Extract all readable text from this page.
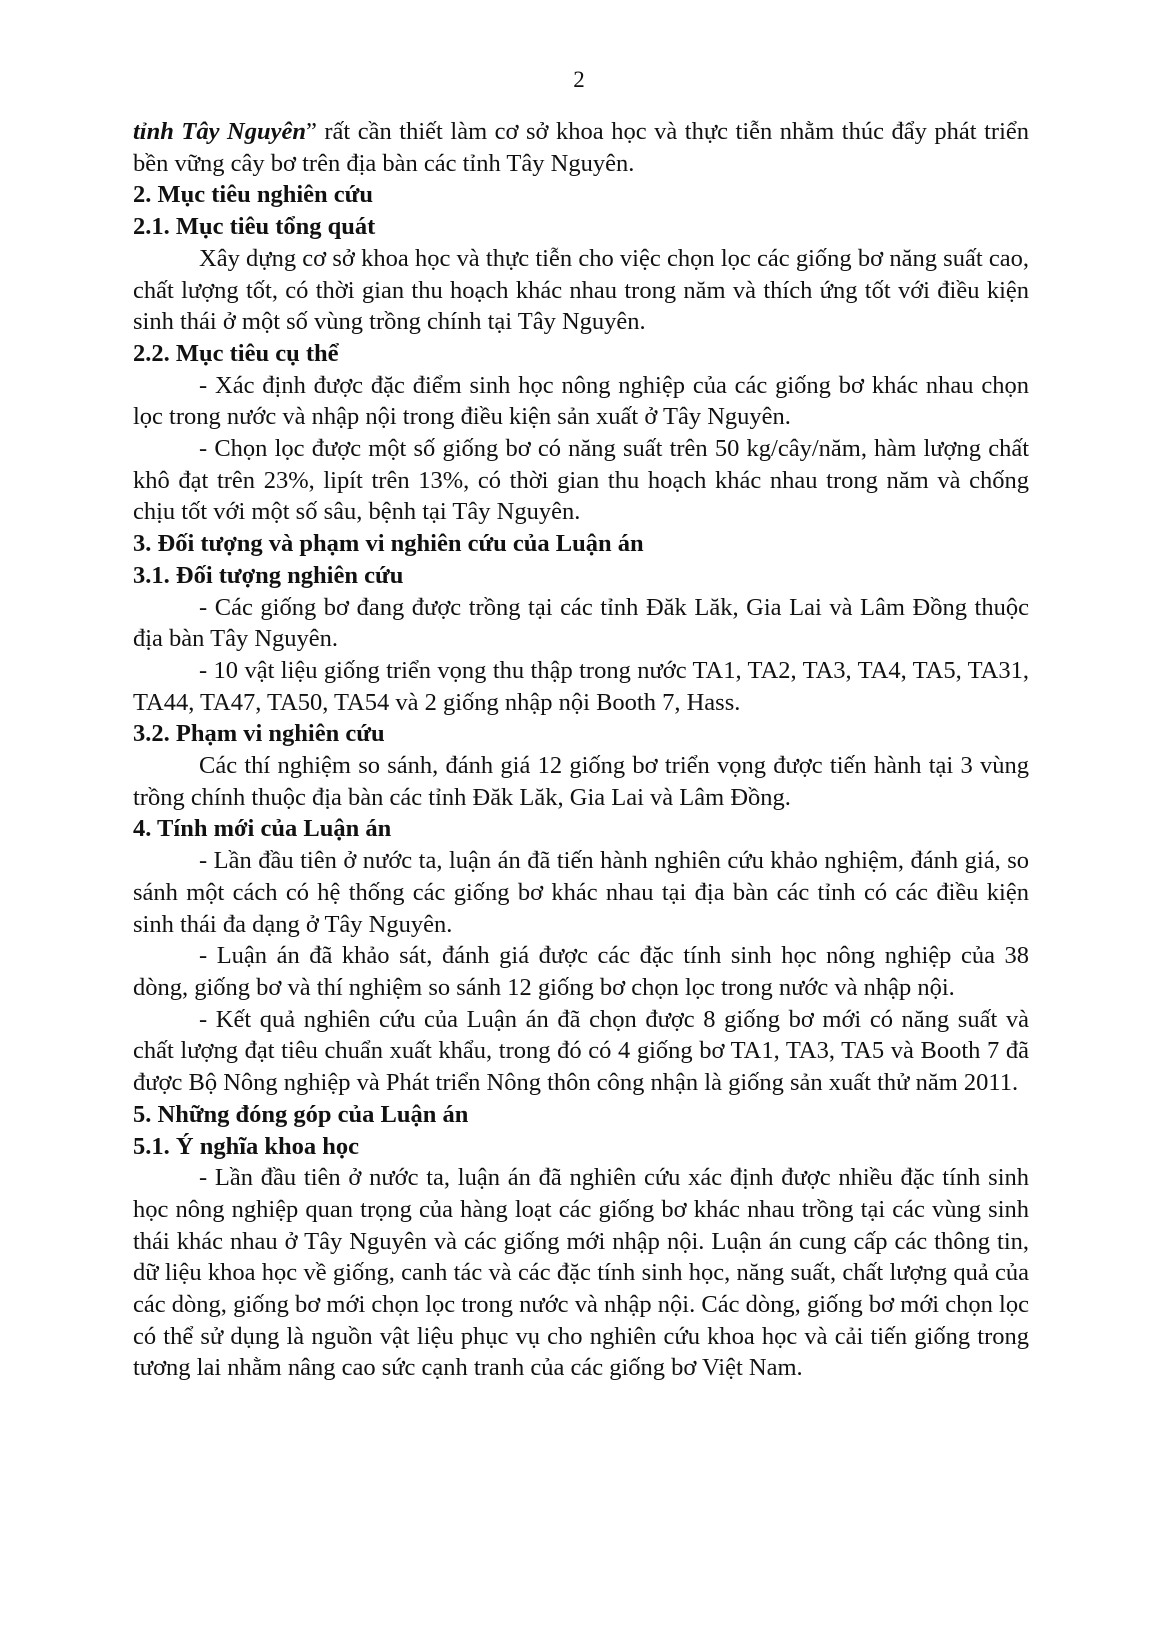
2

tỉnh Tây Nguyên” rất cần thiết làm cơ sở khoa học và thực tiễn nhằm thúc đẩy phát triển bền vững cây bơ trên địa bàn các tỉnh Tây Nguyên.

2. Mục tiêu nghiên cứu
2.1. Mục tiêu tổng quát

Xây dựng cơ sở khoa học và thực tiễn cho việc chọn lọc các giống bơ năng suất cao, chất lượng tốt, có thời gian thu hoạch khác nhau trong năm và thích ứng tốt với điều kiện sinh thái ở một số vùng trồng chính tại Tây Nguyên.

2.2. Mục tiêu cụ thể

- Xác định được đặc điểm sinh học nông nghiệp của các giống bơ khác nhau chọn lọc trong nước và nhập nội trong điều kiện sản xuất ở Tây Nguyên.

- Chọn lọc được một số giống bơ có năng suất trên 50 kg/cây/năm, hàm lượng chất khô đạt trên 23%, lipít trên 13%, có thời gian thu hoạch khác nhau trong năm và chống chịu tốt với một số sâu, bệnh tại Tây Nguyên.

3. Đối tượng và phạm vi nghiên cứu của Luận án
3.1. Đối tượng nghiên cứu

- Các giống bơ đang được trồng tại các tỉnh Đăk Lăk, Gia Lai và Lâm Đồng thuộc địa bàn Tây Nguyên.

- 10 vật liệu giống triển vọng thu thập trong nước TA1, TA2, TA3, TA4, TA5, TA31, TA44, TA47, TA50, TA54 và 2 giống nhập nội Booth 7, Hass.

3.2. Phạm vi nghiên cứu

Các thí nghiệm so sánh, đánh giá 12 giống bơ triển vọng được tiến hành tại 3 vùng trồng chính thuộc địa bàn các tỉnh Đăk Lăk, Gia Lai và Lâm Đồng.

4. Tính mới của Luận án

- Lần đầu tiên ở nước ta, luận án đã tiến hành nghiên cứu khảo nghiệm, đánh giá, so sánh một cách có hệ thống các giống bơ khác nhau tại địa bàn các tỉnh có các điều kiện sinh thái đa dạng ở Tây Nguyên.

- Luận án đã khảo sát, đánh giá được các đặc tính sinh học nông nghiệp của 38 dòng, giống bơ và thí nghiệm so sánh 12 giống bơ chọn lọc trong nước và nhập nội.

- Kết quả nghiên cứu của Luận án đã chọn được 8 giống bơ mới có năng suất và chất lượng đạt tiêu chuẩn xuất khẩu, trong đó có 4 giống bơ TA1, TA3, TA5 và Booth 7 đã được Bộ Nông nghiệp và Phát triển Nông thôn công nhận là giống sản xuất thử năm 2011.

5. Những đóng góp của Luận án
5.1. Ý nghĩa khoa học

- Lần đầu tiên ở nước ta, luận án đã nghiên cứu xác định được nhiều đặc tính sinh học nông nghiệp quan trọng của hàng loạt các giống bơ khác nhau trồng tại các vùng sinh thái khác nhau ở Tây Nguyên và các giống mới nhập nội. Luận án cung cấp các thông tin, dữ liệu khoa học về giống, canh tác và các đặc tính sinh học, năng suất, chất lượng quả của các dòng, giống bơ mới chọn lọc trong nước và nhập nội. Các dòng, giống bơ mới chọn lọc có thể sử dụng là nguồn vật liệu phục vụ cho nghiên cứu khoa học và cải tiến giống trong tương lai nhằm nâng cao sức cạnh tranh của các giống bơ Việt Nam.
